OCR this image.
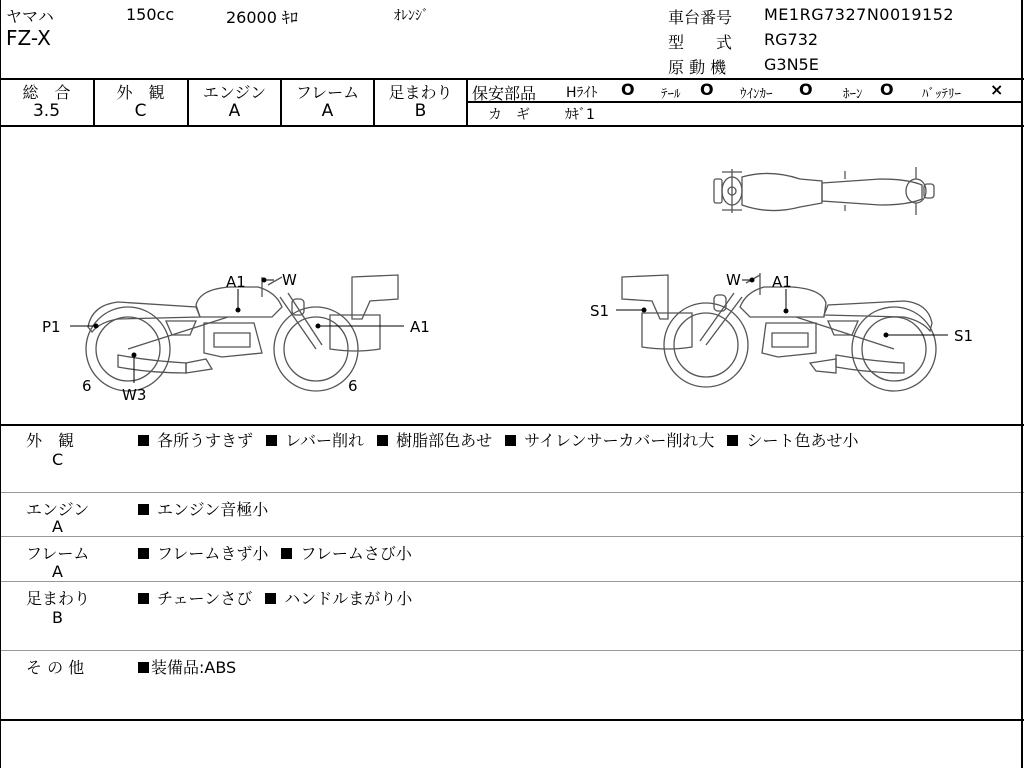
ヤマハ	150cc	26000 ｷﾛ	ｵﾚﾝｼﾞ
FZ-X
車台番号 ME1RG7327N0019152
型　　式 RG732
原 動 機 G3N5E
総　合
3.5
外　観
C
エンジン
A
フレーム
A
足まわり
B
保安部品 Hﾗｲﾄ O ﾃｰﾙ O ｳｲﾝｶｰ O ﾎｰﾝ O ﾊﾞｯﾃﾘｰ ×
カ　ギ	ｶｷﾞ1
A1 W
P1	A1
6 W3	6
W A1
S1
S1
外　観
C
各所うすきず レバー削れ 樹脂部色あせ サイレンサーカバー削れ大 シート色あせ小
エンジン
A
エンジン音極小
フレーム
A
フレームきず小 フレームさび小
足まわり
B
チェーンさび ハンドルまがり小
そ の 他	装備品:ABS
